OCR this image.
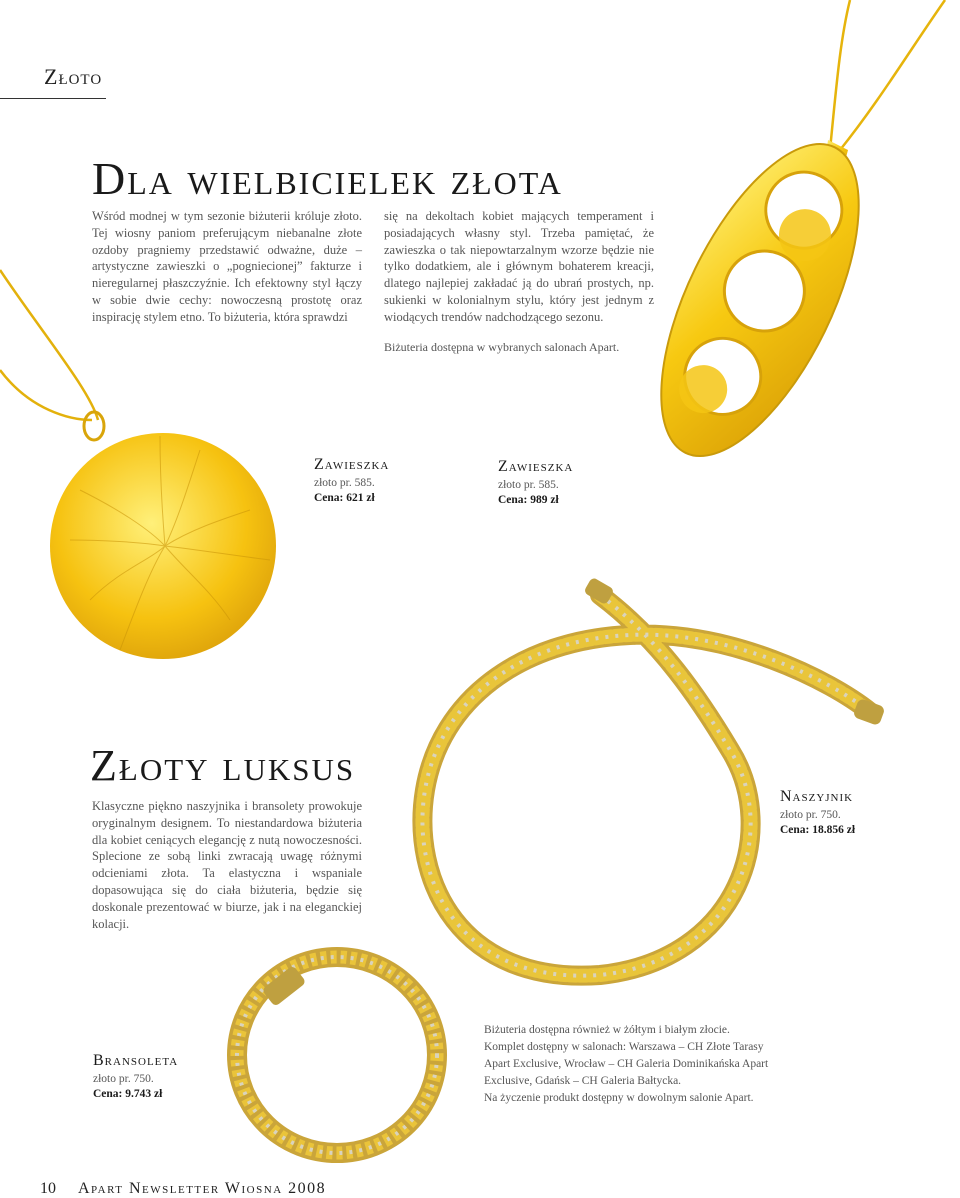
Złoto
Dla wielbicielek złota

Wśród modnej w tym sezonie biżuterii króluje złoto. Tej wiosny paniom preferującym niebanalne złote ozdoby pragniemy przedstawić odważne, duże – artystyczne zawieszki o „pogniecionej” fakturze i nieregularnej płaszczyźnie. Ich efektowny styl łączy w sobie dwie cechy: nowoczesną prostotę oraz inspirację stylem etno. To biżuteria, która sprawdzi

się na dekoltach kobiet mających temperament i posiadających własny styl. Trzeba pamiętać, że zawieszka o tak niepowtarzalnym wzorze będzie nie tylko dodatkiem, ale i głównym bohaterem kreacji, dlatego najlepiej zakładać ją do ubrań prostych, np. sukienki w kolonialnym stylu, który jest jednym z wiodących trendów nadchodzącego sezonu.

Biżuteria dostępna w wybranych salonach Apart.

Zawieszka

złoto pr. 585.

Cena: 621 zł

Zawieszka

złoto pr. 585.

Cena: 989 zł

Złoty luksus

Klasyczne piękno naszyjnika i bransolety prowokuje oryginalnym designem. To niestandardowa biżuteria dla kobiet ceniących elegancję z nutą nowoczesności. Splecione ze sobą linki zwracają uwagę różnymi odcieniami złota. Ta elastyczna i wspaniale dopasowująca się do ciała biżuteria, będzie się doskonale prezentować w biurze, jak i na eleganckiej kolacji.

Naszyjnik

złoto pr. 750.

Cena: 18.856 zł

Bransoleta

złoto pr. 750.

Cena: 9.743 zł

Biżuteria dostępna również w żółtym i białym złocie.

Komplet dostępny w salonach: Warszawa – CH Złote Tarasy Apart Exclusive, Wrocław – CH Galeria Dominikańska Apart Exclusive, Gdańsk – CH Galeria Bałtycka.

Na życzenie produkt dostępny w dowolnym salonie Apart.

10 Apart Newsletter Wiosna 2008
